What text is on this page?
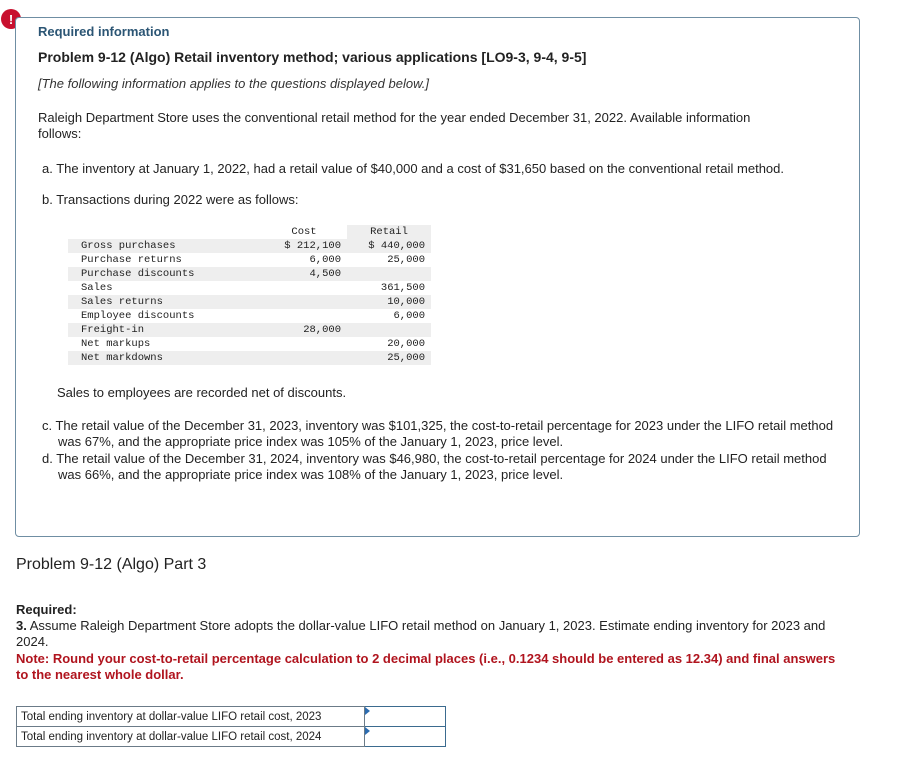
!
Required information
Problem 9-12 (Algo) Retail inventory method; various applications [LO9-3, 9-4, 9-5]
[The following information applies to the questions displayed below.]
Raleigh Department Store uses the conventional retail method for the year ended December 31, 2022. Available information follows:
a. The inventory at January 1, 2022, had a retail value of $40,000 and a cost of $31,650 based on the conventional retail method.
b. Transactions during 2022 were as follows:
	Cost	Retail
Gross purchases	$ 212,100	$ 440,000
Purchase returns	6,000	25,000
Purchase discounts	4,500	
Sales		361,500
Sales returns		10,000
Employee discounts		6,000
Freight-in	28,000	
Net markups		20,000
Net markdowns		25,000
Sales to employees are recorded net of discounts.
c. The retail value of the December 31, 2023, inventory was $101,325, the cost-to-retail percentage for 2023 under the LIFO retail method was 67%, and the appropriate price index was 105% of the January 1, 2023, price level.
d. The retail value of the December 31, 2024, inventory was $46,980, the cost-to-retail percentage for 2024 under the LIFO retail method was 66%, and the appropriate price index was 108% of the January 1, 2023, price level.
Problem 9-12 (Algo) Part 3
Required:
3. Assume Raleigh Department Store adopts the dollar-value LIFO retail method on January 1, 2023. Estimate ending inventory for 2023 and 2024.
Note: Round your cost-to-retail percentage calculation to 2 decimal places (i.e., 0.1234 should be entered as 12.34) and final answers to the nearest whole dollar.
Total ending inventory at dollar-value LIFO retail cost, 2023	

Total ending inventory at dollar-value LIFO retail cost, 2024	
